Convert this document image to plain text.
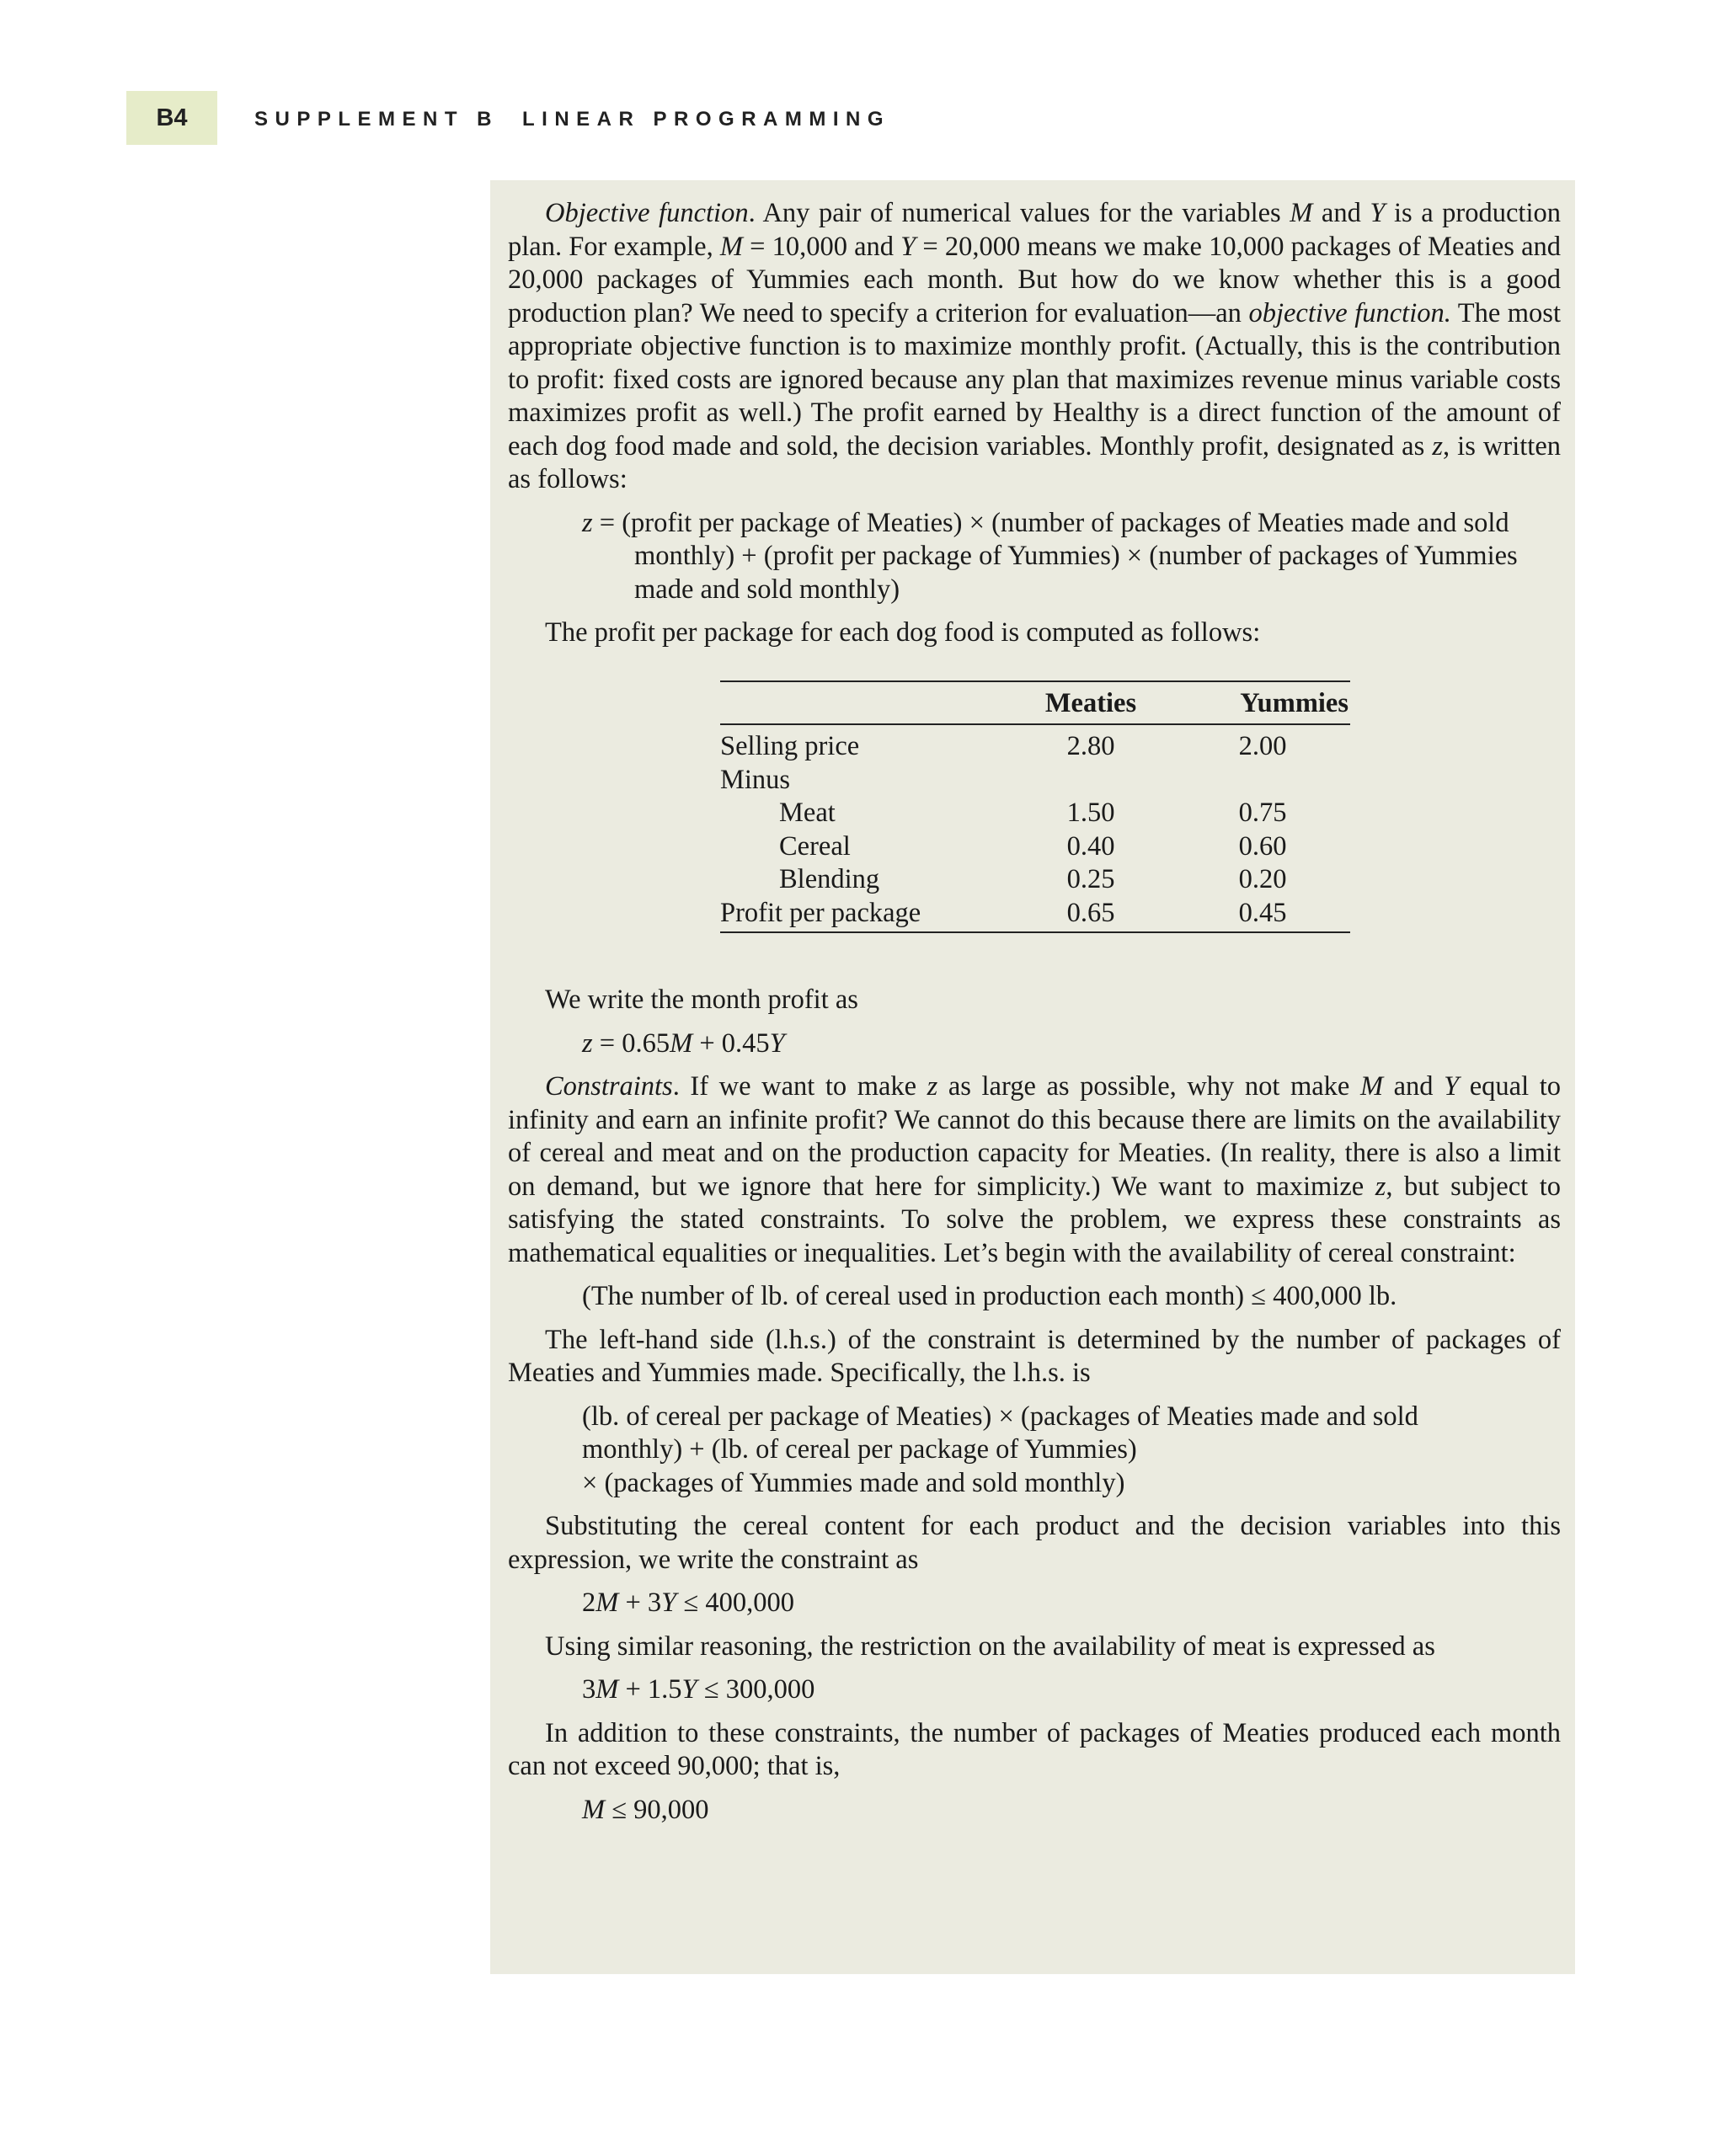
B4	SUPPLEMENT B LINEAR PROGRAMMING

Objective function. Any pair of numerical values for the variables M and Y is a production plan. For example, M = 10,000 and Y = 20,000 means we make 10,000 packages of Meaties and 20,000 packages of Yummies each month. But how do we know whether this is a good production plan? We need to specify a criterion for evaluation—an objective function. The most appropriate objective function is to maximize monthly profit. (Actually, this is the contribution to profit: fixed costs are ignored because any plan that maximizes revenue minus variable costs maximizes profit as well.) The profit earned by Healthy is a direct function of the amount of each dog food made and sold, the decision variables. Monthly profit, designated as z, is written as follows:

z = (profit per package of Meaties) × (number of packages of Meaties made and sold monthly) + (profit per package of Yummies) × (number of packages of Yummies made and sold monthly)

The profit per package for each dog food is computed as follows:

	Meaties	Yummies
Selling price	2.80	2.00
Minus		
Meat	1.50	0.75
Cereal	0.40	0.60
Blending	0.25	0.20
Profit per package	0.65	0.45

We write the month profit as

z = 0.65M + 0.45Y

Constraints. If we want to make z as large as possible, why not make M and Y equal to infinity and earn an infinite profit? We cannot do this because there are limits on the availability of cereal and meat and on the production capacity for Meaties. (In reality, there is also a limit on demand, but we ignore that here for simplicity.) We want to maximize z, but subject to satisfying the stated constraints. To solve the problem, we express these constraints as mathematical equalities or inequalities. Let’s begin with the availability of cereal constraint:

(The number of lb. of cereal used in production each month) ≤ 400,000 lb.

The left-hand side (l.h.s.) of the constraint is determined by the number of packages of Meaties and Yummies made. Specifically, the l.h.s. is

(lb. of cereal per package of Meaties) × (packages of Meaties made and sold
monthly) + (lb. of cereal per package of Yummies)
× (packages of Yummies made and sold monthly)

Substituting the cereal content for each product and the decision variables into this expression, we write the constraint as

2M + 3Y ≤ 400,000

Using similar reasoning, the restriction on the availability of meat is expressed as

3M + 1.5Y ≤ 300,000

In addition to these constraints, the number of packages of Meaties produced each month can not exceed 90,000; that is,

M ≤ 90,000
